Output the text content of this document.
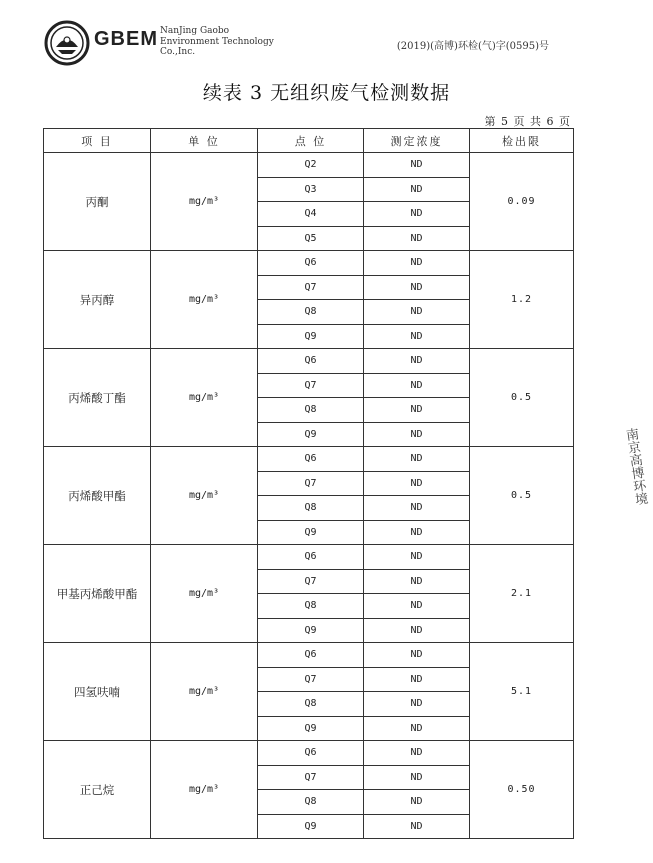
GBEM NanJing Gaobo
Environment Technology
Co.,Inc.	(2019)(高博)环检(气)字(0595)号
续表 3 无组织废气检测数据
第 5 页 共 6 页
项 目	单 位	点 位	测定浓度	检出限
丙酮	mg/m³	Q2	ND	0.09
		Q3	ND	
		Q4	ND	
		Q5	ND	
异丙醇	mg/m³	Q6	ND	1.2
		Q7	ND	
		Q8	ND	
		Q9	ND	
丙烯酸丁酯	mg/m³	Q6	ND	0.5
		Q7	ND	
		Q8	ND	
		Q9	ND	
丙烯酸甲酯	mg/m³	Q6	ND	0.5
		Q7	ND	
		Q8	ND	
		Q9	ND	
甲基丙烯酸甲酯	mg/m³	Q6	ND	2.1
		Q7	ND	
		Q8	ND	
		Q9	ND	
四氢呋喃	mg/m³	Q6	ND	5.1
		Q7	ND	
		Q8	ND	
		Q9	ND	
正己烷	mg/m³	Q6	ND	0.50
		Q7	ND	
		Q8	ND	
		Q9	ND	
南京高博环境
